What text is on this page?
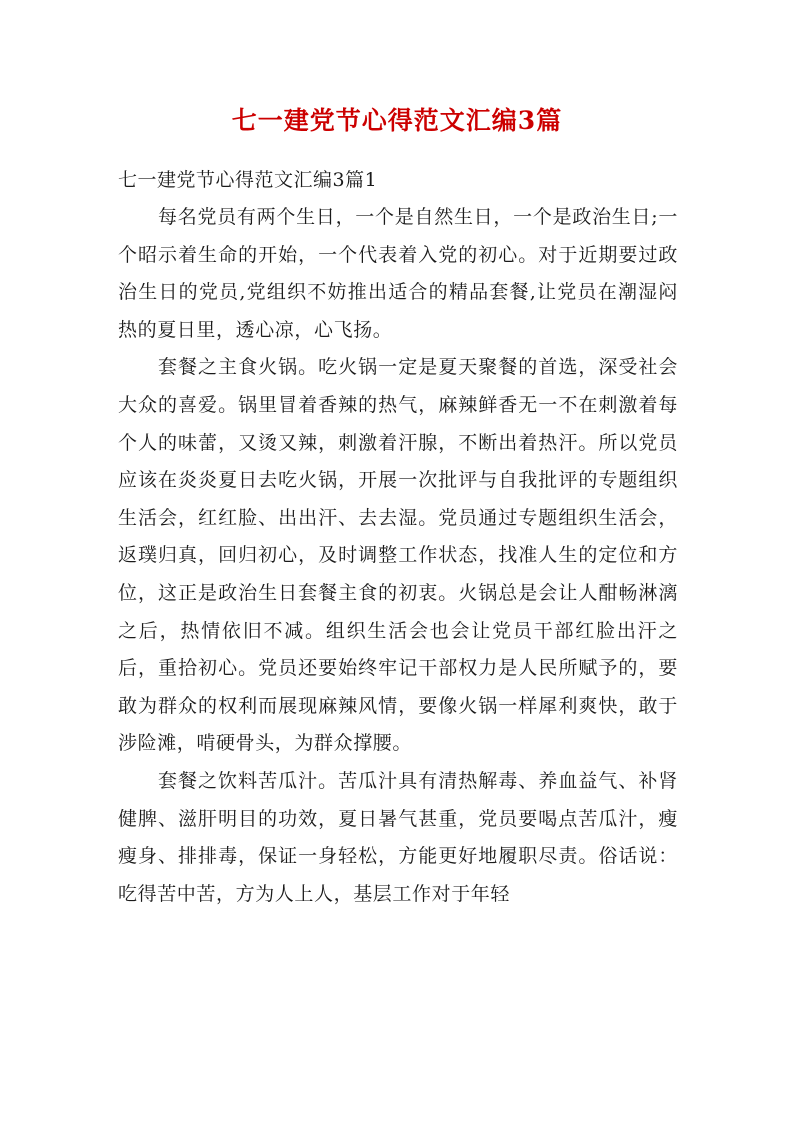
七一建党节心得范文汇编3篇

七一建党节心得范文汇编3篇1

每名党员有两个生日，一个是自然生日，一个是政治生日;一个昭示着生命的开始，一个代表着入党的初心。对于近期要过政治生日的党员,党组织不妨推出适合的精品套餐,让党员在潮湿闷热的夏日里，透心凉，心飞扬。

套餐之主食火锅。吃火锅一定是夏天聚餐的首选，深受社会大众的喜爱。锅里冒着香辣的热气，麻辣鲜香无一不在刺激着每个人的味蕾，又烫又辣，刺激着汗腺，不断出着热汗。所以党员应该在炎炎夏日去吃火锅，开展一次批评与自我批评的专题组织生活会，红红脸、出出汗、去去湿。党员通过专题组织生活会，返璞归真，回归初心，及时调整工作状态，找准人生的定位和方位，这正是政治生日套餐主食的初衷。火锅总是会让人酣畅淋漓之后，热情依旧不减。组织生活会也会让党员干部红脸出汗之后，重拾初心。党员还要始终牢记干部权力是人民所赋予的，要敢为群众的权利而展现麻辣风情，要像火锅一样犀利爽快，敢于涉险滩，啃硬骨头，为群众撑腰。

套餐之饮料苦瓜汁。苦瓜汁具有清热解毒、养血益气、补肾健脾、滋肝明目的功效，夏日暑气甚重，党员要喝点苦瓜汁，瘦瘦身、排排毒，保证一身轻松，方能更好地履职尽责。俗话说：吃得苦中苦，方为人上人，基层工作对于年轻
